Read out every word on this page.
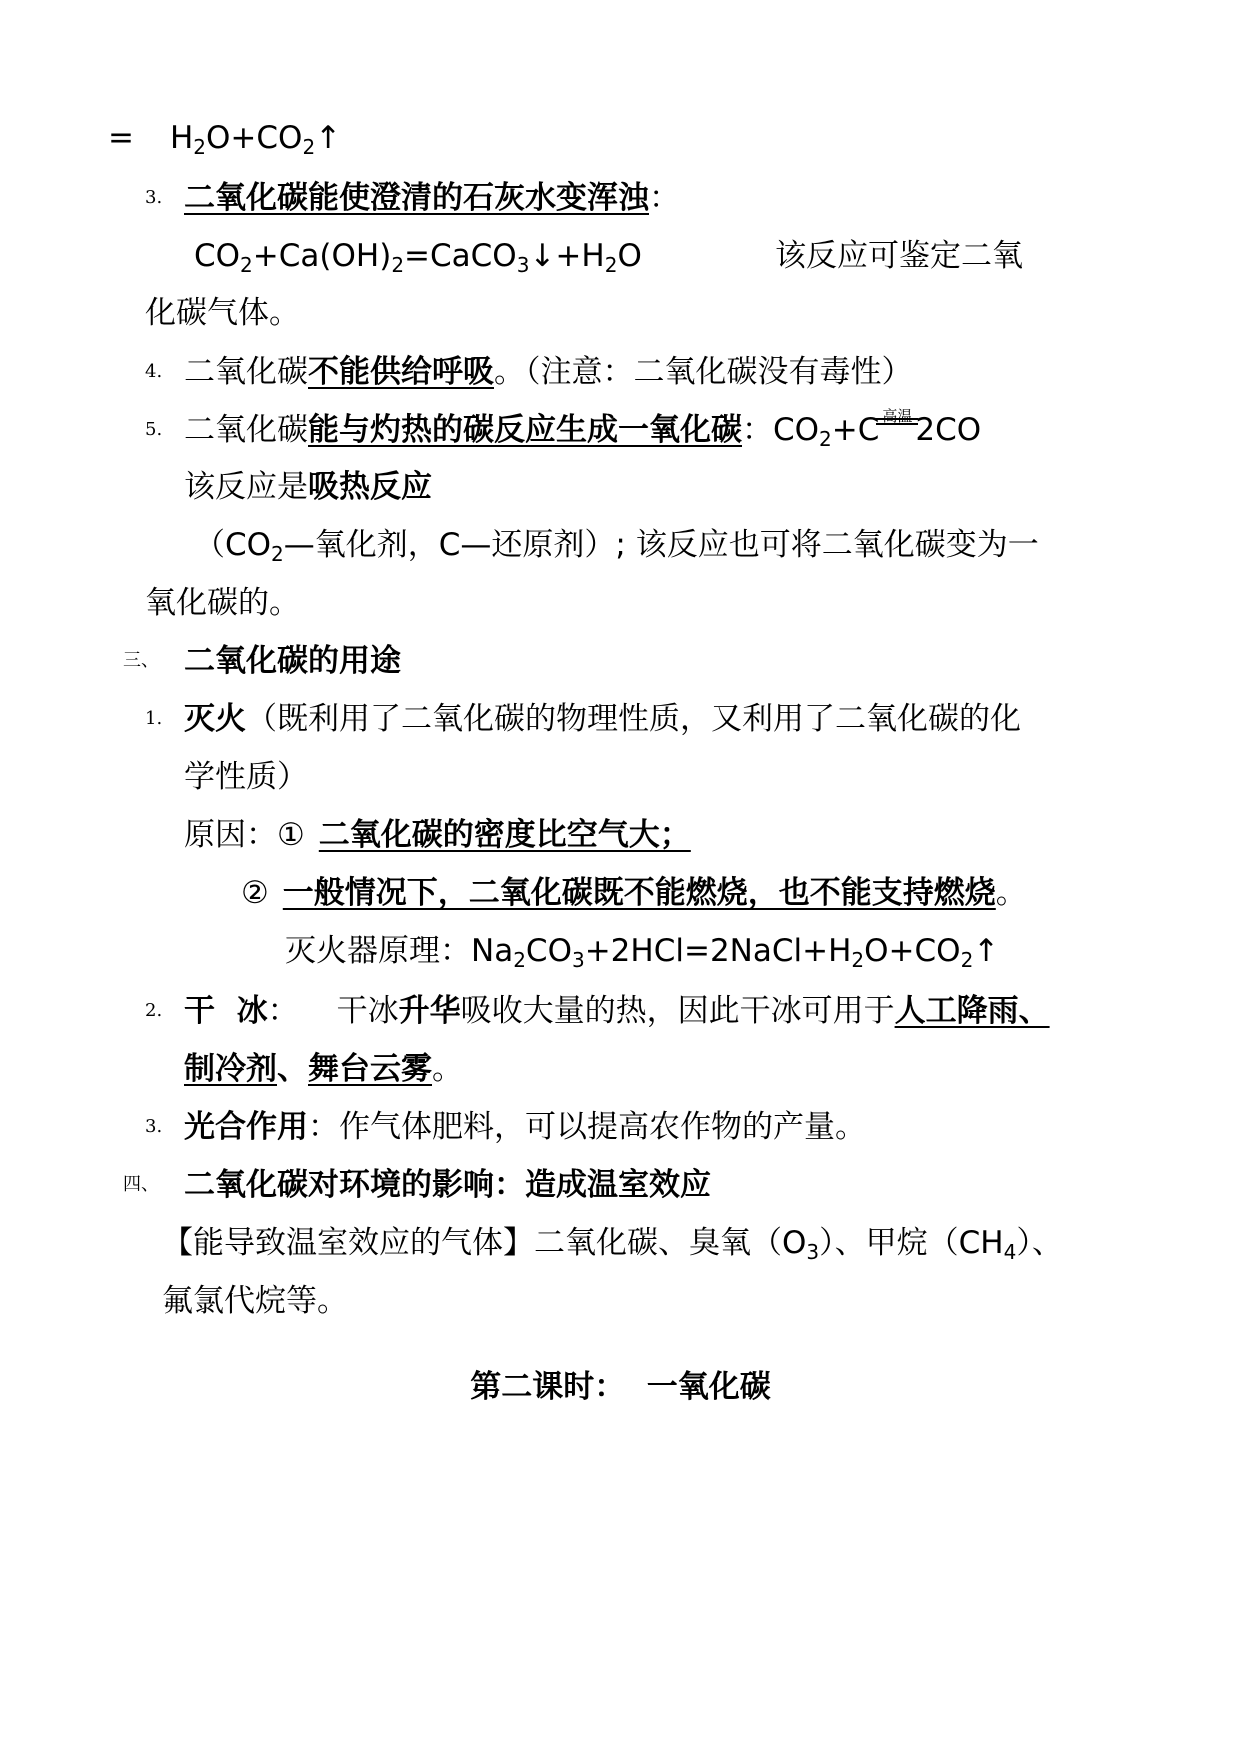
= $H_2O+CO_2↑$
3. 二氧化碳能使澄清的石灰水变浑浊：
$CO_2+Ca(OH)_2=CaCO_3↓+H_2O$	该反应可鉴定二氧
化碳气体。
4. 二氧化碳不能供给呼吸。（注意：二氧化碳没有毒性）
5. 二氧化碳能与灼热的碳反应生成一氧化碳：$CO_2+C$ 高温 2CO
该反应是吸热反应
（$CO_2—$氧化剂，C—还原剂）; 该反应也可将二氧化碳变为一
氧化碳的。
三、 二氧化碳的用途
1. 灭火（既利用了二氧化碳的物理性质，又利用了二氧化碳的化
学性质）
原因：① 二氧化碳的密度比空气大；
② 一般情况下，二氧化碳既不能燃烧，也不能支持燃烧。
灭火器原理：$Na_2CO_3+2HCl=2NaCl+H_2O+CO_2↑$
2. 干  冰： 干冰升华吸收大量的热，因此干冰可用于人工降雨、
制冷剂、舞台云雾。
3. 光合作用：作气体肥料，可以提高农作物的产量。
四、 二氧化碳对环境的影响：造成温室效应
【能导致温室效应的气体】二氧化碳、臭氧$(O_3)$、甲烷$(CH_4)$、
氟氯代烷等。
第二课时：  一氧化碳
